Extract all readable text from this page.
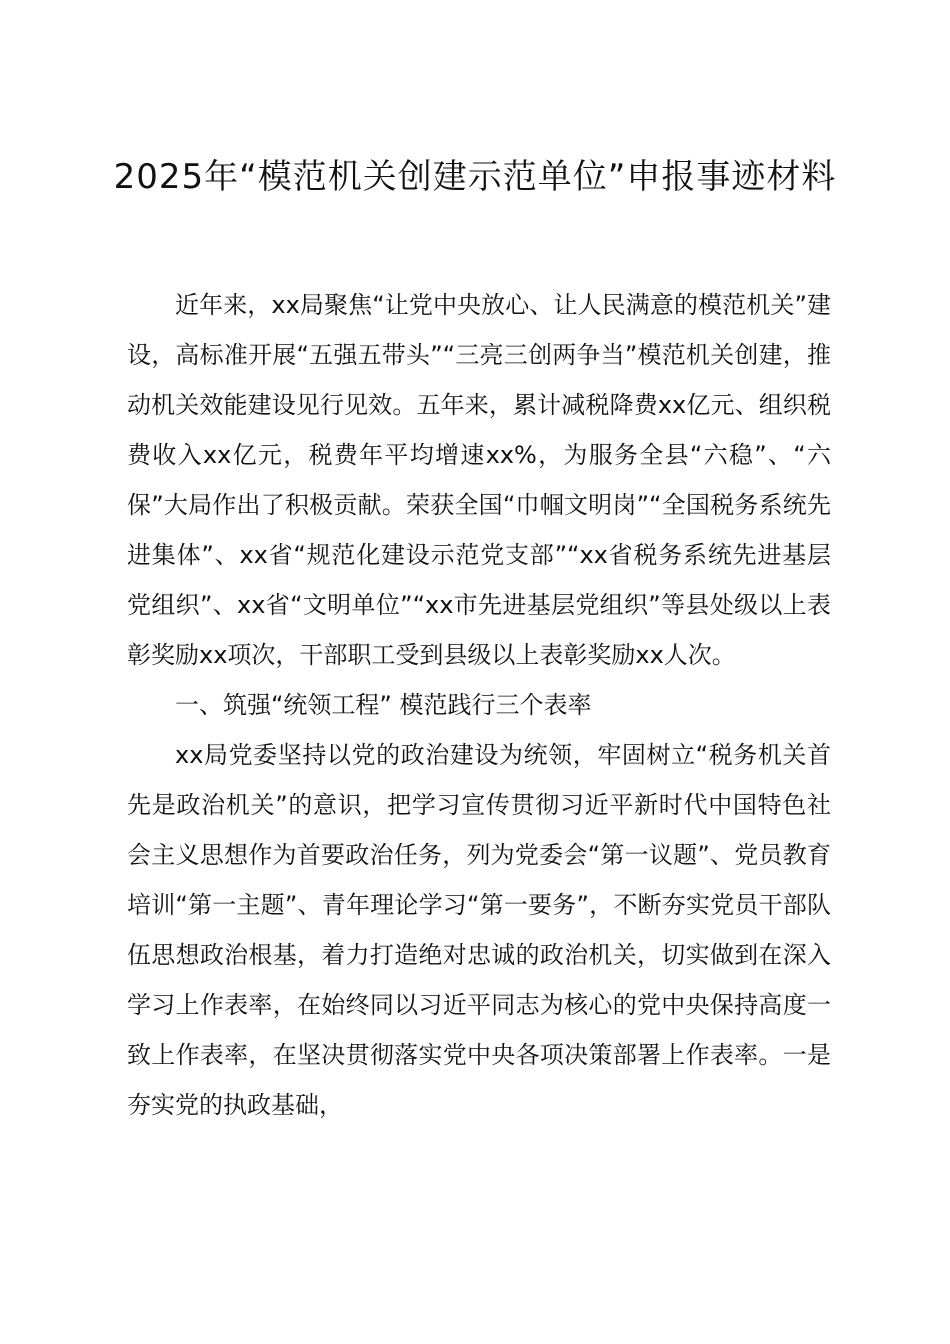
2025年“模范机关创建示范单位”申报事迹材料

近年来，xx局聚焦“让党中央放心、让人民满意的模范机关”建设，高标准开展“五强五带头”“三亮三创两争当”模范机关创建，推动机关效能建设见行见效。五年来，累计减税降费xx亿元、组织税费收入xx亿元，税费年平均增速xx%，为服务全县“六稳”、“六保”大局作出了积极贡献。荣获全国“巾帼文明岗”“全国税务系统先进集体”、xx省“规范化建设示范党支部”“xx省税务系统先进基层党组织”、xx省“文明单位”“xx市先进基层党组织”等县处级以上表彰奖励xx项次，干部职工受到县级以上表彰奖励xx人次。

一、筑强“统领工程” 模范践行三个表率

xx局党委坚持以党的政治建设为统领，牢固树立“税务机关首先是政治机关”的意识，把学习宣传贯彻习近平新时代中国特色社会主义思想作为首要政治任务，列为党委会“第一议题”、党员教育培训“第一主题”、青年理论学习“第一要务”，不断夯实党员干部队伍思想政治根基，着力打造绝对忠诚的政治机关，切实做到在深入学习上作表率，在始终同以习近平同志为核心的党中央保持高度一致上作表率，在坚决贯彻落实党中央各项决策部署上作表率。一是夯实党的执政基础，
